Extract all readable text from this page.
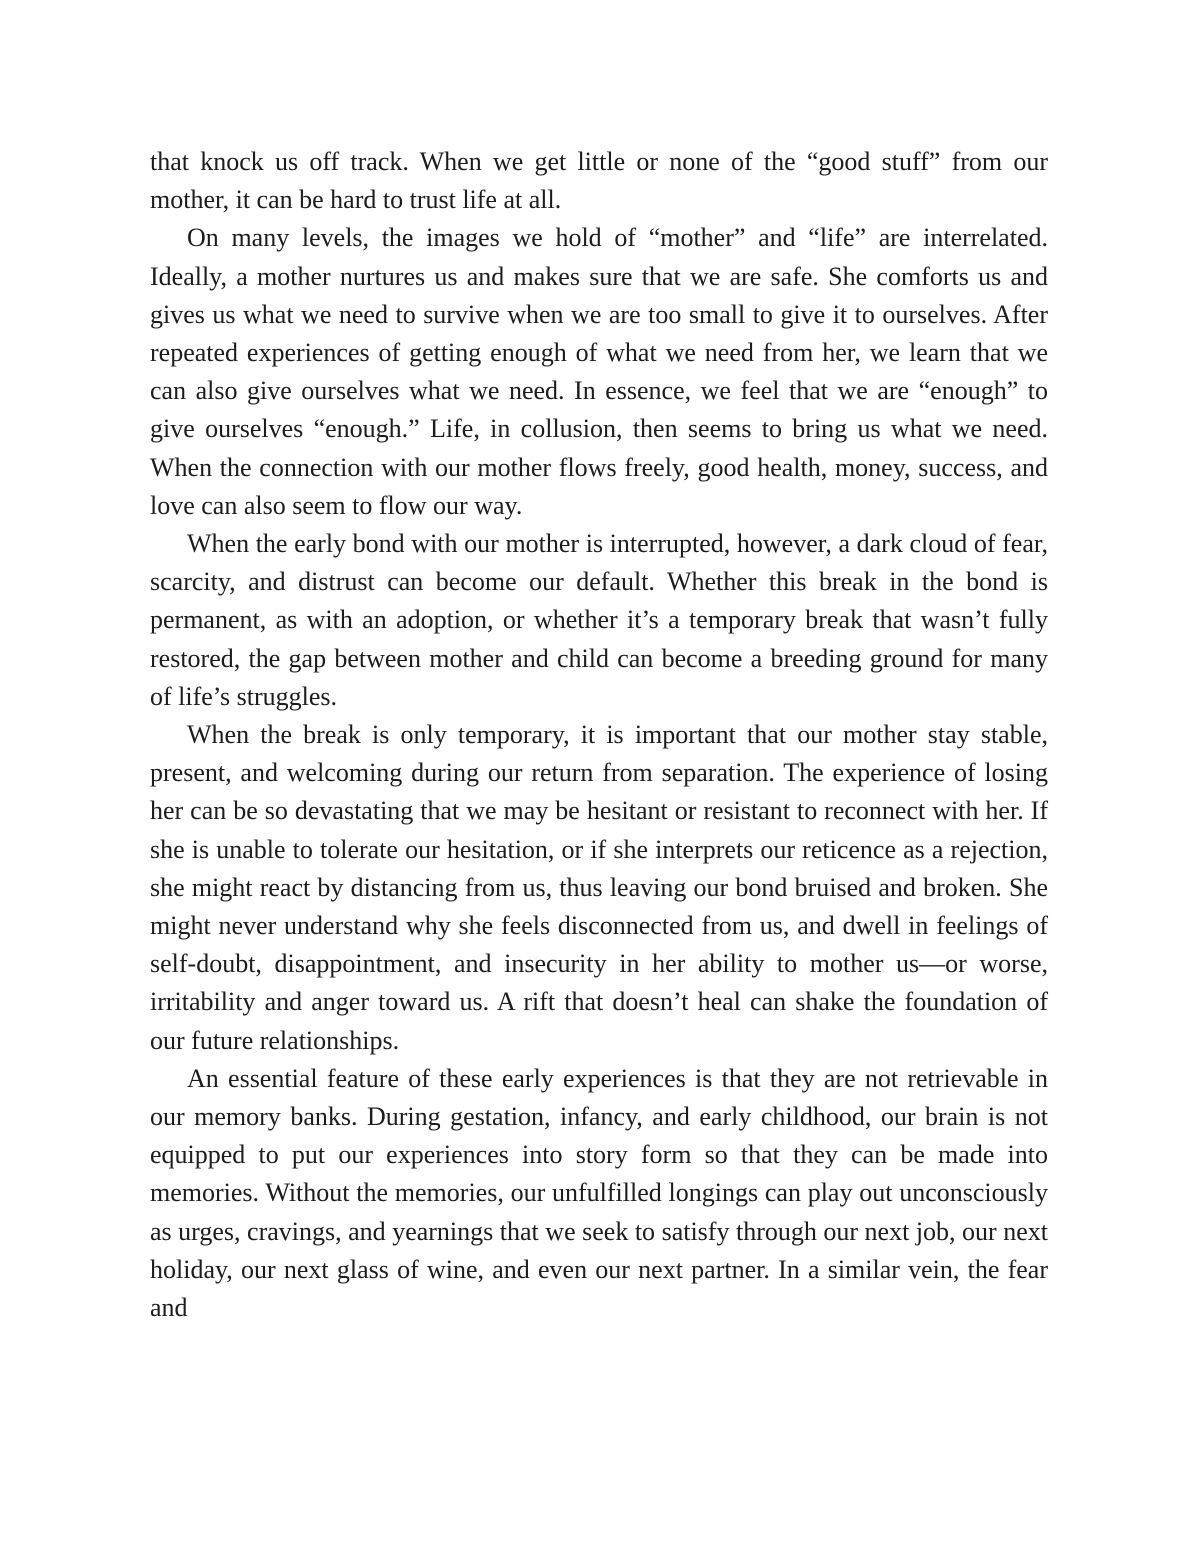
that knock us off track. When we get little or none of the “good stuff” from our mother, it can be hard to trust life at all.

On many levels, the images we hold of “mother” and “life” are interrelated. Ideally, a mother nurtures us and makes sure that we are safe. She comforts us and gives us what we need to survive when we are too small to give it to ourselves. After repeated experiences of getting enough of what we need from her, we learn that we can also give ourselves what we need. In essence, we feel that we are “enough” to give ourselves “enough.” Life, in collusion, then seems to bring us what we need. When the connection with our mother flows freely, good health, money, success, and love can also seem to flow our way.

When the early bond with our mother is interrupted, however, a dark cloud of fear, scarcity, and distrust can become our default. Whether this break in the bond is permanent, as with an adoption, or whether it’s a temporary break that wasn’t fully restored, the gap between mother and child can become a breeding ground for many of life’s struggles.

When the break is only temporary, it is important that our mother stay stable, present, and welcoming during our return from separation. The experience of losing her can be so devastating that we may be hesitant or resistant to reconnect with her. If she is unable to tolerate our hesitation, or if she interprets our reticence as a rejection, she might react by distancing from us, thus leaving our bond bruised and broken. She might never understand why she feels disconnected from us, and dwell in feelings of self-doubt, disappointment, and insecurity in her ability to mother us—or worse, irritability and anger toward us. A rift that doesn’t heal can shake the foundation of our future relationships.

An essential feature of these early experiences is that they are not retrievable in our memory banks. During gestation, infancy, and early childhood, our brain is not equipped to put our experiences into story form so that they can be made into memories. Without the memories, our unfulfilled longings can play out unconsciously as urges, cravings, and yearnings that we seek to satisfy through our next job, our next holiday, our next glass of wine, and even our next partner. In a similar vein, the fear and
